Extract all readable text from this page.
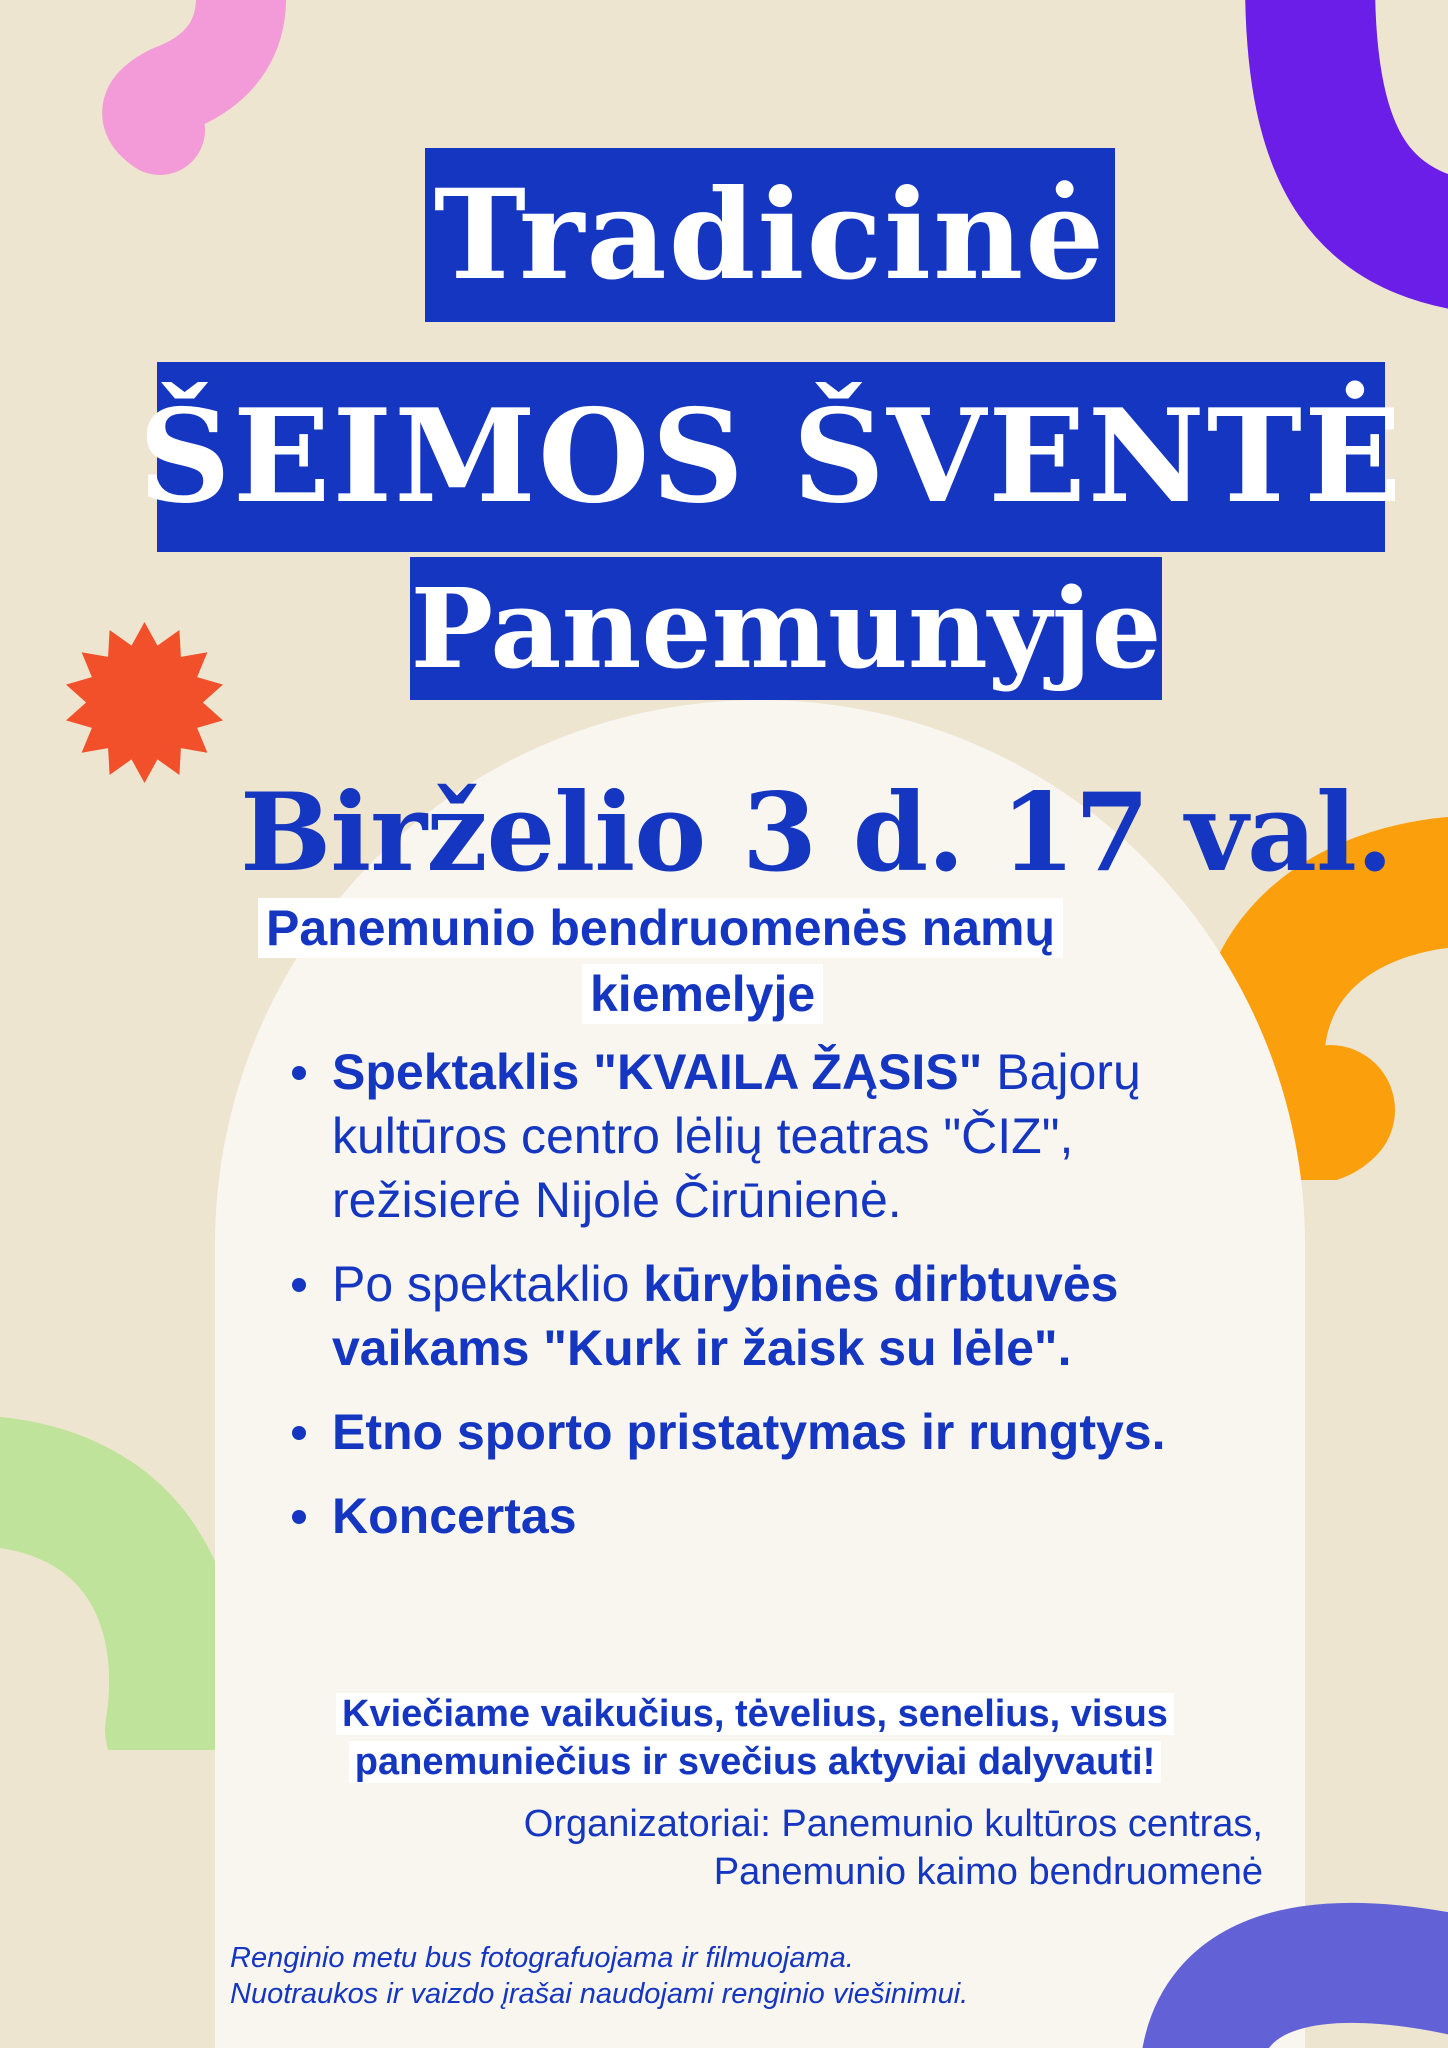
Tradicinė
ŠEIMOS ŠVENTĖ
Panemunyje
Birželio 3 d. 17 val.
Panemunio bendruomenės namų
kiemelyje
Spektaklis "KVAILA ŽĄSIS" Bajorų kultūros centro lėlių teatras "ČIZ", režisierė Nijolė Čirūnienė.
Po spektaklio kūrybinės dirbtuvės vaikams "Kurk ir žaisk su lėle".
Etno sporto pristatymas ir rungtys.
Koncertas
Kviečiame vaikučius, tėvelius, senelius, visus
panemuniečius ir svečius aktyviai dalyvauti!
Organizatoriai: Panemunio kultūros centras,
Panemunio kaimo bendruomenė
Renginio metu bus fotografuojama ir filmuojama.
Nuotraukos ir vaizdo įrašai naudojami renginio viešinimui.
